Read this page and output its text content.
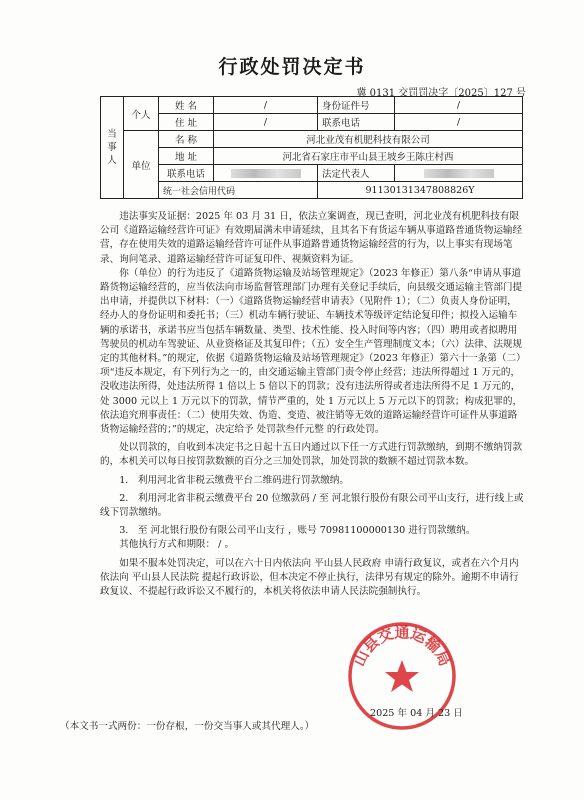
行政处罚决定书
冀 0131 交罚罚决字〔2025〕127 号
当
事
人	个人	姓 名	/	身份证件号	/
		住 址	/	联系电话	/
	单位	名 称	河北业茂有机肥科技有限公司		
		地 址	河北省石家庄市平山县王坡乡王陈庄村西		

		联系电话		法定代表人	
		统一社会信用代码		91130131347808826Y	

违法事实及证据：2025 年 03 月 31 日，依法立案调查，现已查明，河北业茂有机肥科技有限公司《道路运输经营许可证》有效期届满未申请延续，且其名下有货运车辆从事道路普通货物运输经营，存在使用失效的道路运输经营许可证件从事道路普通货物运输经营的行为，以上事实有现场笔录、询问笔录、道路运输经营许可证复印件、视频资料为证。

你（单位）的行为违反了《道路货物运输及站场管理规定》（2023 年修正）第八条“申请从事道路货物运输经营的，应当依法向市场监督管理部门办理有关登记手续后，向县级交通运输主管部门提出申请，并提供以下材料：（一）《道路货物运输经营申请表》（见附件 1）；（二）负责人身份证明，经办人的身份证明和委托书；（三）机动车辆行驶证、车辆技术等级评定结论复印件；拟投入运输车辆的承诺书，承诺书应当包括车辆数量、类型、技术性能、投入时间等内容；（四）聘用或者拟聘用驾驶员的机动车驾驶证、从业资格证及其复印件；（五）安全生产管理制度文本；（六）法律、法规规定的其他材料。”的规定，依据《道路货物运输及站场管理规定》（2023 年修正）第六十一条第（二）项“违反本规定，有下列行为之一的，由交通运输主管部门责令停止经营；违法所得超过 1 万元的，没收违法所得，处违法所得 1 倍以上 5 倍以下的罚款；没有违法所得或者违法所得不足 1 万元的，处 3000 元以上 1 万元以下的罚款，情节严重的，处 1 万元以上 5 万元以下的罚款；构成犯罪的，依法追究刑事责任：（二）使用失效、伪造、变造、被注销等无效的道路运输经营许可证件从事道路货物运输经营的；”的规定，决定给予 处罚款叁仟元整 的行政处罚。

处以罚款的，自收到本决定书之日起十五日内通过以下任一方式进行罚款缴纳，到期不缴纳罚款的，本机关可以每日按罚款数额的百分之三加处罚款，加处罚款的数额不超过罚款本数。

1.　利用河北省非税云缴费平台二维码进行罚款缴纳。

2.　利用河北省非税云缴费平台 20 位缴款码 / 至 河北银行股份有限公司平山支行，进行线上或线下罚款缴纳。

3.　至 河北银行股份有限公司平山支行 ，账号 70981100000130 进行罚款缴纳。

其他执行方式和期限： / 。

如果不服本处罚决定，可以在六十日内依法向 平山县人民政府 申请行政复议，或者在六个月内依法向 平山县人民法院 提起行政诉讼，但本决定不停止执行，法律另有规定的除外。逾期不申请行政复议、不提起行政诉讼又不履行的，本机关将依法申请人民法院强制执行。

山县交通运输局
2025 年 04 月 23 日
（本文书一式两份：一份存根，一份交当事人或其代理人。）
